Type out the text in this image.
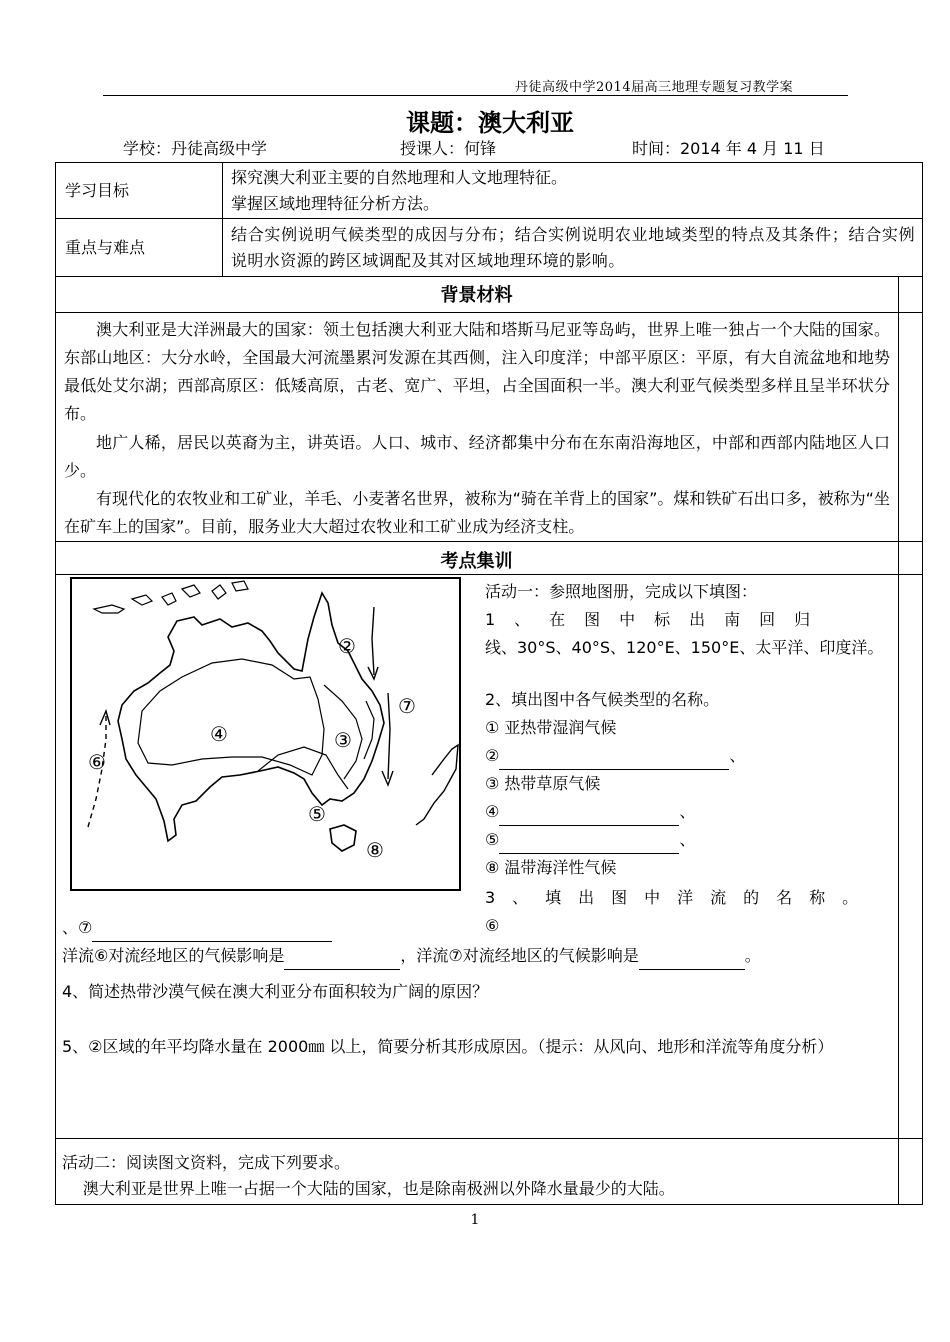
丹徒高级中学2014届高三地理专题复习教学案
课题：澳大利亚
学校：丹徒高级中学	授课人：何锋	时间：2014 年 4 月 11 日
学习目标
探究澳大利亚主要的自然地理和人文地理特征。
掌握区域地理特征分析方法。
重点与难点
结合实例说明气候类型的成因与分布；结合实例说明农业地域类型的特点及其条件；结合实例说明水资源的跨区域调配及其对区域地理环境的影响。
背景材料
澳大利亚是大洋洲最大的国家：领土包括澳大利亚大陆和塔斯马尼亚等岛屿，世界上唯一独占一个大陆的国家。东部山地区：大分水岭，全国最大河流墨累河发源在其西侧，注入印度洋；中部平原区：平原，有大自流盆地和地势最低处艾尔湖；西部高原区：低矮高原，古老、宽广、平坦，占全国面积一半。澳大利亚气候类型多样且呈半环状分布。
地广人稀，居民以英裔为主，讲英语。人口、城市、经济都集中分布在东南沿海地区，中部和西部内陆地区人口少。
有现代化的农牧业和工矿业，羊毛、小麦著名世界，被称为“骑在羊背上的国家”。煤和铁矿石出口多，被称为“坐在矿车上的国家”。目前，服务业大大超过农牧业和工矿业成为经济支柱。
考点集训
②
⑦
④	③
⑥
⑤
⑧
活动一：参照地图册，完成以下填图：
1、在图中标出南回归
线、30°S、40°S、120°E、150°E、太平洋、印度洋。
2、填出图中各气候类型的名称。
① 亚热带湿润气候
②	、
③ 热带草原气候
④	、
⑤	、
⑧ 温带海洋性气候
3、填出图中洋流的名称。⑥
、⑦
洋流⑥对流经地区的气候影响是	，洋流⑦对流经地区的气候影响是	。
4、简述热带沙漠气候在澳大利亚分布面积较为广阔的原因？
5、②区域的年平均降水量在 2000㎜ 以上，简要分析其形成原因。（提示：从风向、地形和洋流等角度分析）
活动二：阅读图文资料，完成下列要求。
澳大利亚是世界上唯一占据一个大陆的国家，也是除南极洲以外降水量最少的大陆。
1
